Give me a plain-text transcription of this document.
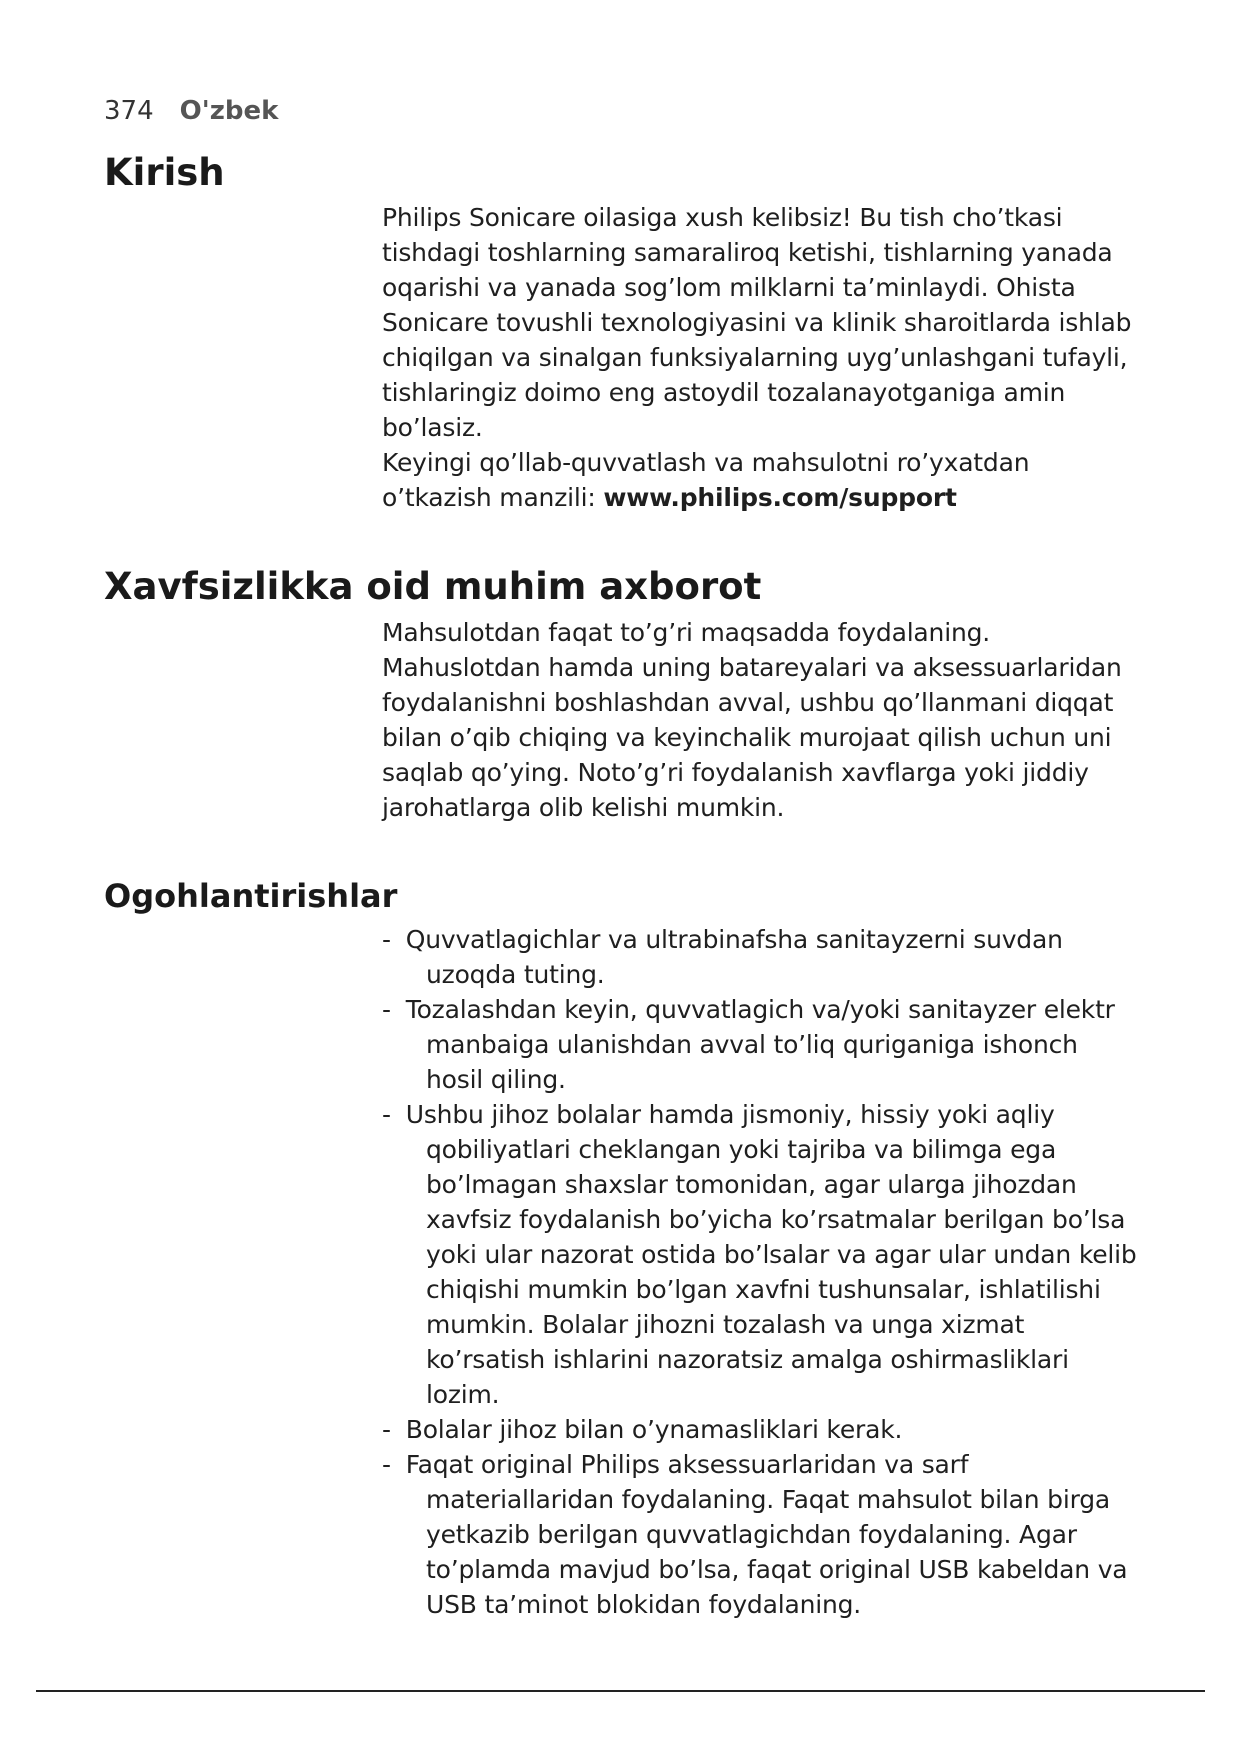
374 O'zbek
Kirish

Philips Sonicare oilasiga xush kelibsiz! Bu tish cho’tkasi tishdagi toshlarning samaraliroq ketishi, tishlarning yanada oqarishi va yanada sog’lom milklarni ta’minlaydi. Ohista Sonicare tovushli texnologiyasini va klinik sharoitlarda ishlab chiqilgan va sinalgan funksiyalarning uyg’unlashgani tufayli, tishlaringiz doimo eng astoydil tozalanayotganiga amin bo’lasiz.

Keyingi qo’llab-quvvatlash va mahsulotni ro’yxatdan o’tkazish manzili: www.philips.com/support

Xavfsizlikka oid muhim axborot

Mahsulotdan faqat to’g’ri maqsadda foydalaning. Mahuslotdan hamda uning batareyalari va aksessuarlaridan foydalanishni boshlashdan avval, ushbu qo’llanmani diqqat bilan o’qib chiqing va keyinchalik murojaat qilish uchun uni saqlab qo’ying. Noto’g’ri foydalanish xavflarga yoki jiddiy jarohatlarga olib kelishi mumkin.

Ogohlantirishlar
- Quvvatlagichlar va ultrabinafsha sanitayzerni suvdan uzoqda tuting.
- Tozalashdan keyin, quvvatlagich va/yoki sanitayzer elektr manbaiga ulanishdan avval to’liq quriganiga ishonch hosil qiling.
- Ushbu jihoz bolalar hamda jismoniy, hissiy yoki aqliy qobiliyatlari cheklangan yoki tajriba va bilimga ega bo’lmagan shaxslar tomonidan, agar ularga jihozdan xavfsiz foydalanish bo’yicha ko’rsatmalar berilgan bo’lsa yoki ular nazorat ostida bo’lsalar va agar ular undan kelib chiqishi mumkin bo’lgan xavfni tushunsalar, ishlatilishi mumkin. Bolalar jihozni tozalash va unga xizmat ko’rsatish ishlarini nazoratsiz amalga oshirmasliklari lozim.
- Bolalar jihoz bilan o’ynamasliklari kerak.
- Faqat original Philips aksessuarlaridan va sarf materiallaridan foydalaning. Faqat mahsulot bilan birga yetkazib berilgan quvvatlagichdan foydalaning. Agar to’plamda mavjud bo’lsa, faqat original USB kabeldan va USB ta’minot blokidan foydalaning.
